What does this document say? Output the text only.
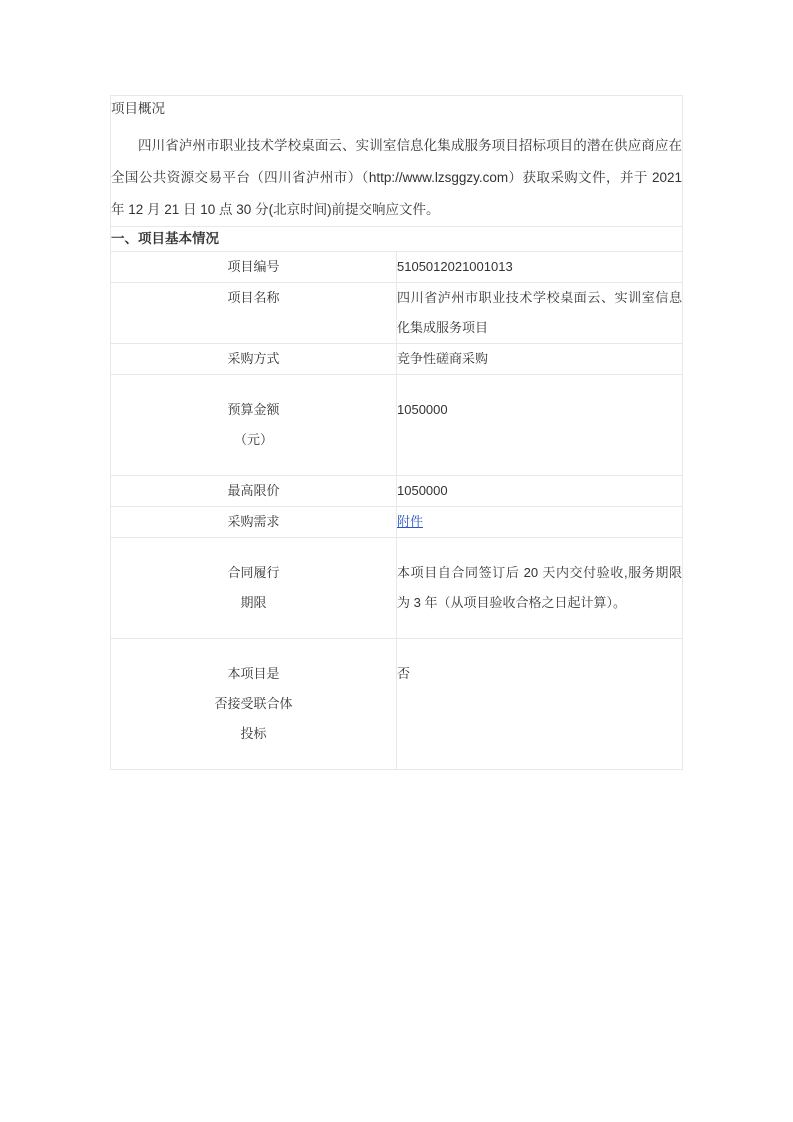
项目概况
四川省泸州市职业技术学校桌面云、实训室信息化集成服务项目招标项目的潜在供应商应在全国公共资源交易平台（四川省泸州市）（http://www.lzsggzy.com）获取采购文件，并于 2021 年 12 月 21 日 10 点 30 分(北京时间)前提交响应文件。	

一、项目基本情况	

项目编号	5105012021001013
项目名称	四川省泸州市职业技术学校桌面云、实训室信息化集成服务项目
采购方式	竞争性磋商采购

预算金额
（元）	1050000
最高限价	1050000
采购需求	附件

合同履行
期限	本项目自合同签订后 20 天内交付验收,服务期限为 3 年（从项目验收合格之日起计算）。

本项目是
否接受联合体
投标	否
